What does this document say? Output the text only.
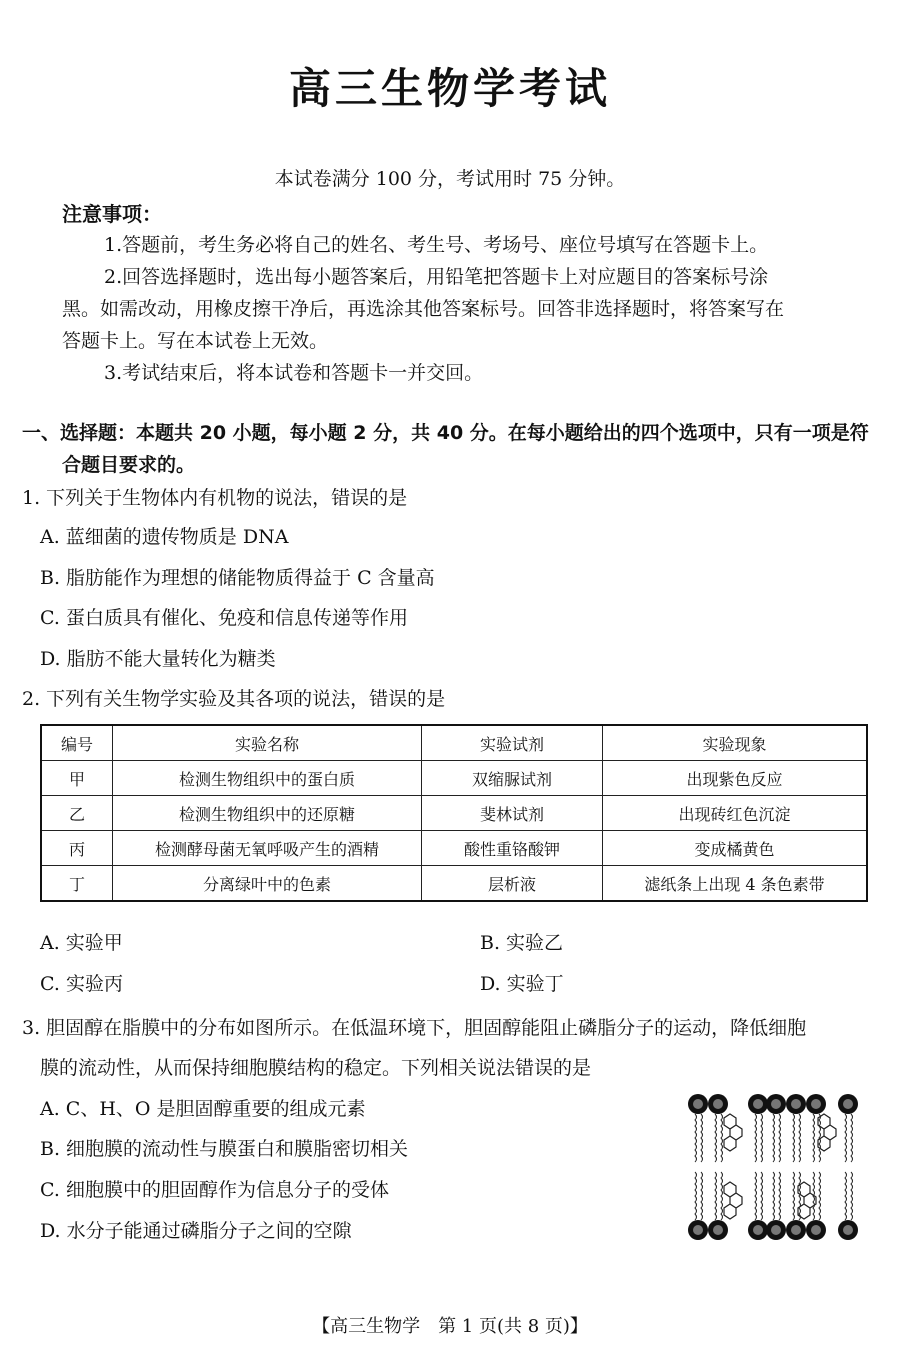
高三生物学考试
本试卷满分 100 分，考试用时 75 分钟。
注意事项：
1.答题前，考生务必将自己的姓名、考生号、考场号、座位号填写在答题卡上。
2.回答选择题时，选出每小题答案后，用铅笔把答题卡上对应题目的答案标号涂
黑。如需改动，用橡皮擦干净后，再选涂其他答案标号。回答非选择题时，将答案写在
答题卡上。写在本试卷上无效。
3.考试结束后，将本试卷和答题卡一并交回。
一、选择题：本题共 20 小题，每小题 2 分，共 40 分。在每小题给出的四个选项中，只有一项是符
合题目要求的。
1. 下列关于生物体内有机物的说法，错误的是
A. 蓝细菌的遗传物质是 DNA
B. 脂肪能作为理想的储能物质得益于 C 含量高
C. 蛋白质具有催化、免疫和信息传递等作用
D. 脂肪不能大量转化为糖类
2. 下列有关生物学实验及其各项的说法，错误的是
编号	实验名称	实验试剂	实验现象
甲	检测生物组织中的蛋白质	双缩脲试剂	出现紫色反应
乙	检测生物组织中的还原糖	斐林试剂	出现砖红色沉淀
丙	检测酵母菌无氧呼吸产生的酒精	酸性重铬酸钾	变成橘黄色
丁	分离绿叶中的色素	层析液	滤纸条上出现 4 条色素带
A. 实验甲	B. 实验乙
C. 实验丙	D. 实验丁
3. 胆固醇在脂膜中的分布如图所示。在低温环境下，胆固醇能阻止磷脂分子的运动，降低细胞
膜的流动性，从而保持细胞膜结构的稳定。下列相关说法错误的是
A. C、H、O 是胆固醇重要的组成元素
B. 细胞膜的流动性与膜蛋白和膜脂密切相关
C. 细胞膜中的胆固醇作为信息分子的受体
D. 水分子能通过磷脂分子之间的空隙
【高三生物学　第 1 页(共 8 页)】
